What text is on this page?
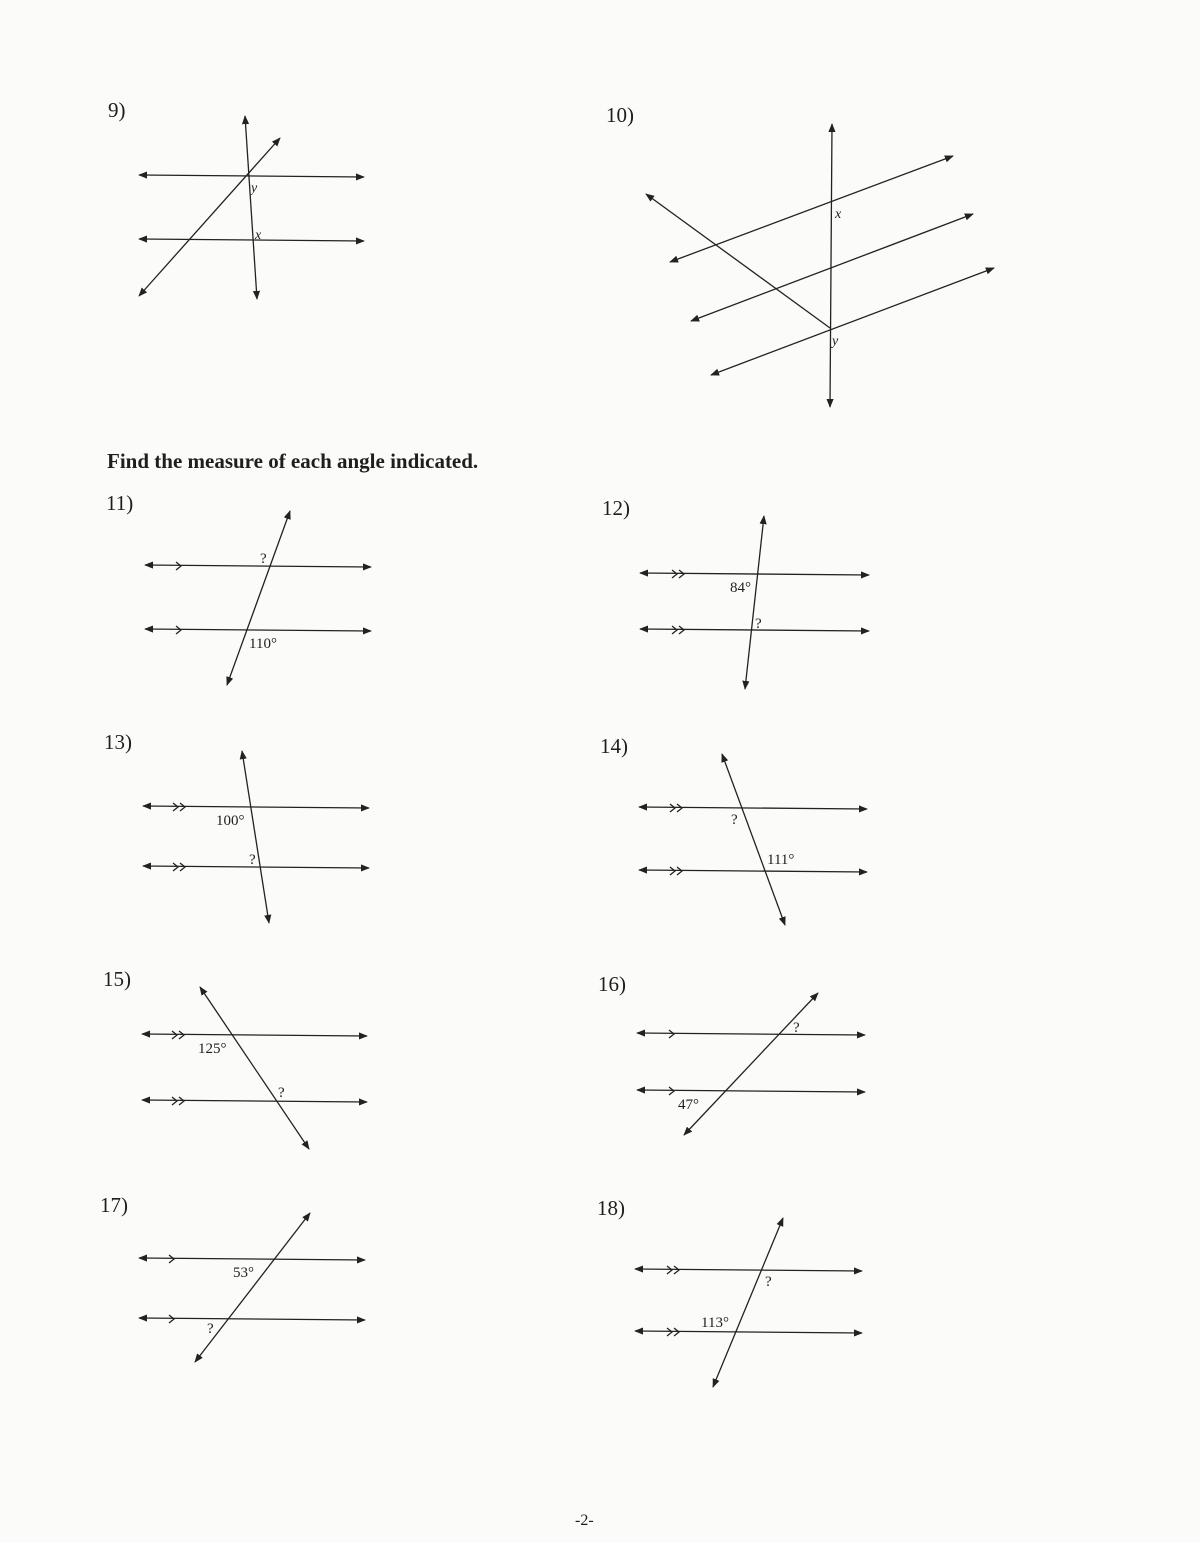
9)
y
x
10)
x
y
Find the measure of each angle indicated.
11)
?
110°
12)
84°
?
13)
100°
?
14)
?
111°
15)
125°
?
16)
?
47°
17)
53°
?
18)
?
113°
-2-
